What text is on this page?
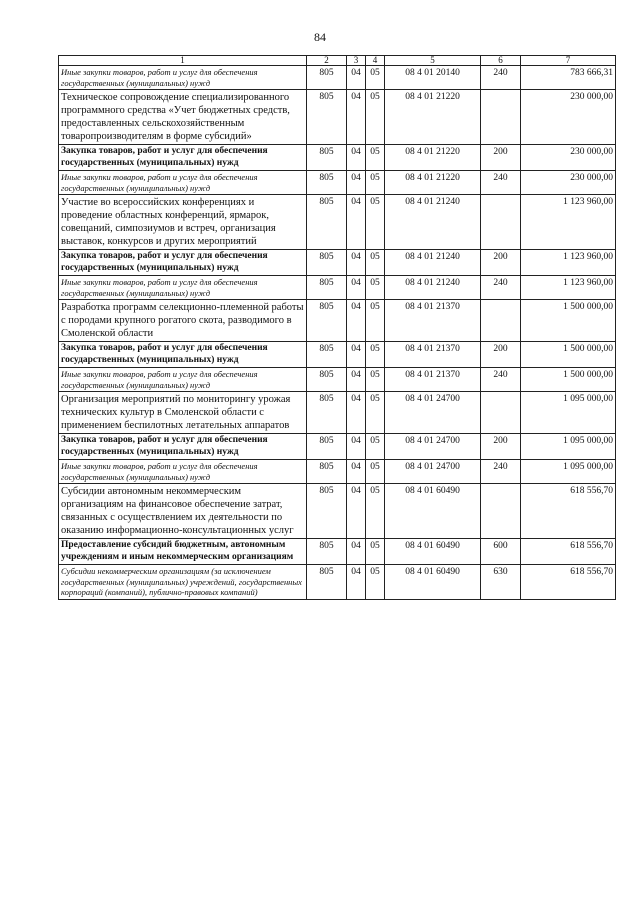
84
1	2	3	4	5	6	7
Иные закупки товаров, работ и услуг для обеспечения государственных (муниципальных) нужд	805	04	05	08 4 01 20140	240	783 666,31
Техническое сопровождение специализированного программного средства «Учет бюджетных средств, предоставленных сельскохозяйственным товаропроизводителям в форме субсидий»	805	04	05	08 4 01 21220		230 000,00
Закупка товаров, работ и услуг для обеспечения государственных (муниципальных) нужд	805	04	05	08 4 01 21220	200	230 000,00
Иные закупки товаров, работ и услуг для обеспечения государственных (муниципальных) нужд	805	04	05	08 4 01 21220	240	230 000,00
Участие во всероссийских конференциях и проведение областных конференций, ярмарок, совещаний, симпозиумов и встреч, организация выставок, конкурсов и других мероприятий	805	04	05	08 4 01 21240		1 123 960,00
Закупка товаров, работ и услуг для обеспечения государственных (муниципальных) нужд	805	04	05	08 4 01 21240	200	1 123 960,00
Иные закупки товаров, работ и услуг для обеспечения государственных (муниципальных) нужд	805	04	05	08 4 01 21240	240	1 123 960,00
Разработка программ селекционно-племенной работы с породами крупного рогатого скота, разводимого в Смоленской области	805	04	05	08 4 01 21370		1 500 000,00
Закупка товаров, работ и услуг для обеспечения государственных (муниципальных) нужд	805	04	05	08 4 01 21370	200	1 500 000,00
Иные закупки товаров, работ и услуг для обеспечения государственных (муниципальных) нужд	805	04	05	08 4 01 21370	240	1 500 000,00
Организация мероприятий по мониторингу урожая технических культур в Смоленской области с применением беспилотных летательных аппаратов	805	04	05	08 4 01 24700		1 095 000,00
Закупка товаров, работ и услуг для обеспечения государственных (муниципальных) нужд	805	04	05	08 4 01 24700	200	1 095 000,00
Иные закупки товаров, работ и услуг для обеспечения государственных (муниципальных) нужд	805	04	05	08 4 01 24700	240	1 095 000,00
Субсидии автономным некоммерческим организациям на финансовое обеспечение затрат, связанных с осуществлением их деятельности по оказанию информационно-консультационных услуг	805	04	05	08 4 01 60490		618 556,70
Предоставление субсидий бюджетным, автономным учреждениям и иным некоммерческим организациям	805	04	05	08 4 01 60490	600	618 556,70
Субсидии некоммерческим организациям (за исключением государственных (муниципальных) учреждений, государственных корпораций (компаний), публично-правовых компаний)	805	04	05	08 4 01 60490	630	618 556,70
